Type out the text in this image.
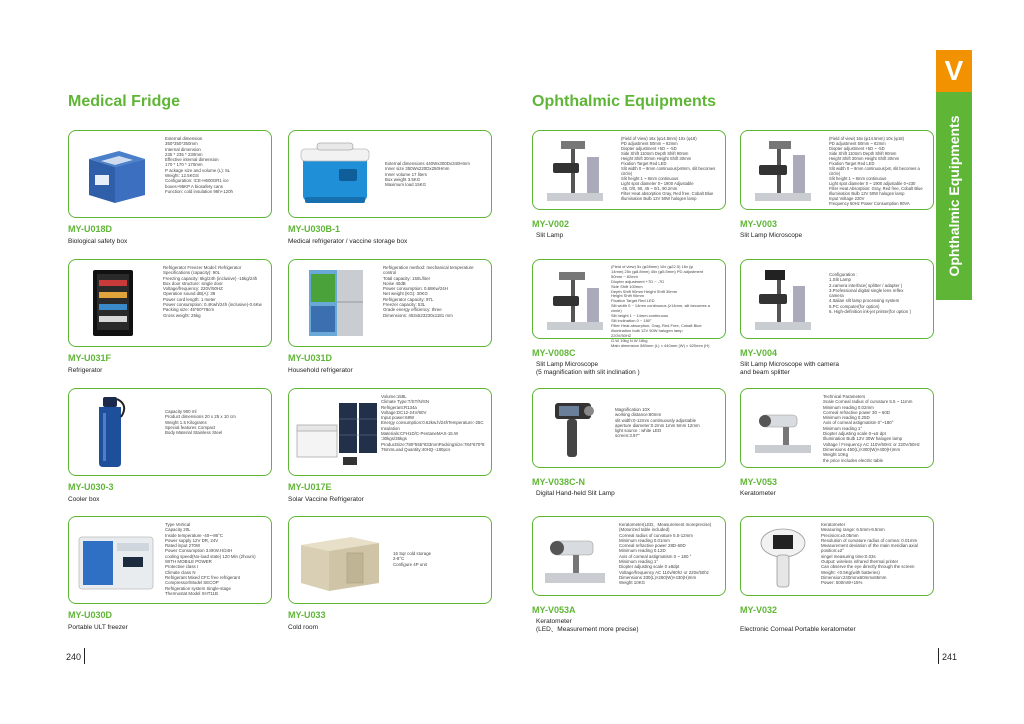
Medical Fridge	Ophthalmic Equipments
V
Ophthalmic Equipments
External dimension
350*350*350mm
Internal dimension
235 * 235 * 230mm
Effective internal dimension
170 * 170 * 170mm
P ackage size and volume (L): 5L
Weight: 12.5KGS
Configuration: ICE-H600GR1 ice
boxes+95KP A biosafety cans
Function: cold insulation 96h+120h
MY-U018D
Biological safety box
External dimensions 440Wx300Dx340Hmm
Inner size 350Wx220Dx250Hmm
Inner volume 17 liters
Box weight 3.5KG
Maximum load 15KG
MY-U030B-1
Medical refrigerator / vaccine storage box
Refrigerator Freezer Model: Refrigerator
Specifications (capacity): 90L
Freezing capacity: 6kg/24h (inclusive) -15kg/24h
Box door structure: single door
Voltage/frequency: 220V/50HZ
Operation sound dB(A): 39
Power cord length: 1 meter
Power consumption: 0.4Kwh/24h (inclusive)-0.6Kw
Packing size: 45*50*78cm
Gross weight: 25kg
MY-U031F
Refrigerator
Refrigeration method: mechanical temperature
control
Total capacity: 150L/liter
Noise 40dB
Power consumption: 0.68Kw/24H
Net weight (KG): 30KG
Refrigerator capacity: 97L
Freezer capacity: 53L
Grade energy efficiency: three
Dimensions: 453x523230x1181 mm
MY-U031D
Household refrigerator
Capacity 900 ml
Product dimensions 20 x 25 x 10 cm
Weight 1.5 Kilograms
Special features Compact
Body Material Stainless Steel
MY-U030-3
Cooler box
Volume:158L
Climate Type:T/ST/N/SN
Refrigerant:R134a
Voltage:DC12-24V/60V
Input power:68W
Energy consumption:0.62kw.h/24hTemperature:-25C
Insulation
Materials:CFH1D/C-PentaneMAX-15.W :30kgs/35kgs
ProductSize:780*555*833mmPackingSize:784*670*8
75mmLoad Quantity:40HQ--180pcs
MY-U017E
Solar Vaccine Refrigerator
Type Vertical
Capacity 20L
Inside temperature -40~-86°C
Power supply 12V DR, 24V
Rated input 270W
Power Consumption 3.8KW.H/24H
cooling speed(No-load state) 120 Min (2hours)
WITH MOBILE POWER
Protective class I
Climate class N
Refrigerant Mixed CFC free refrigerant
Compressor/Model SECOP
Refrigeration system Single-stage
Thermostat Model XHT11B
MY-U030D
Portable ULT freezer
16 Sqr cold storage
2-8°C
Configure 4P unit
MY-U033
Cold room
(Field of View) 16x (φ14.5mm) 10x (φ18)
PD adjustment 50mm ~ 82mm
Diopter adjustment +5D ~ -5D
Side Shift 110mm Depth Shift 90mm
Height Shift 30mm Height Shift 30mm
Fixation Target Red LED
Slit width 0 ~ 9mm continuous(≥8mm, slit becomes
circle)
Slit height 1 ~ 8mm continuous
Light spot diameter 0~ 1900 Adjustable
-45, 0/0, 90, 45 ~ 0/1, 90.2mm
Filter Heat absorption Gray, Red free, Cobalt Blue
Illumination Bulb 12V 50W halogen lamp
MY-V002
Slit Lamp
(Field of view) 16x (φ14.5mm) 10x (φ18)
PD adjustment 50mm ~ 82mm
Diopter adjustment +5D ~ -5D
Side Shift 110mm Depth Shift 90mm
Height Shift 30mm Height Shift 30mm
Fixation Target Red LED
Slit width 0 ~ 9mm continuous(≥8, slit becomes a
circle)
Slit height 1 ~ 8mm continuous
Light spot diameter 0 ~ 1900 adjustable 0~230
Filter Heat Absorption: Gray, Red free, Cobalt Blue
Illumination Bulb 12V 50W halogen lamp
Input Voltage 220V
Frequency 50Hz Power Consumption 90VA
MY-V003
Slit Lamp Microscope
(Field of view) 5x (φ28mm) 10x (φ22.5) 16x (φ
14mm) 25x (φ8.8mm) 40x (φ5.5mm) PD adjustment
50mm ~ 82mm
Diopter adjustment +7D ~ -7D
Side Shift 100mm
Depth Shift 90mm Height Shift 30mm
Height Shift 90mm
Fixation Target Red LED
Slit width 0 ~ 14mm continuous (≥14mm, slit becomes a circle)
Slit height 1 ~ 14mm continuous
Slit inclination 0 ~ 180°
Filter Heat absorption, Gray, Red Free, Cobalt Blue
Illumination bulb 12V 50W halogen lamp
220V/50HZ
G.W 19kg N.W 16kg
Main dimension 580mm (L) × 440mm (W) × 620mm (H)
MY-V008C
Slit Lamp Microscope
(5 magnification with slit inclination )
Configuration :
1.Slit Lamp
2.camera interface( splitter / adapter )
3.Professional digital single lens reflex
camera
4.Italian slit lamp processing system
5.PC computer(for option)
6. High-definition ink-jet printer(for option )
MY-V004
Slit Lamp Microscope with camera
and beam splitter
Magnification 10X
working distance:80mm
slit width:0-12mm continuously adjustable
aperture diameter:0.2mm 1mm 5mm 12mm
light source : white LED
screen:3.97"
MY-V038C-N
Digital Hand-held Slit Lamp
Technical Parameters
Scale Corneal radius of curvature 5.5 ~ 11mm
Minimum reading 0.02mm
Corneal refractive power 30 ~ 60D
Minimum reading 0.25D
Axis of corneal astigmatism 0°~180°
Minimum reading 1°
Diopter adjusting scale 0~±5 dpt
Illumination Bulb 12V 30W halogen lamp
Voltage / Frequency AC 110V/60Hz or 220V/50Hz
Dimensions 450(L)×300(W)×400(H)mm
Weight 10Kg
the price includes electric table
MY-V053
Keratometer
Keratometer(LED、Measurement moreprecise)
(Motorized table included)
Corneal radius of curvature 5.5-12mm
Minimum reading 0.01mm
Corneal refractive power 28D-60D
Minimum reading 0.12D
Axis of corneal astigmatism 0 ~ 180 °
Minimum reading 1°
Diopter adjusting scale 0 ±8dpt
Voltage/frequency AC 110v/60hz or 220v/50hz
Dimensions 330(L)×260(W)×430(H)mm
Weight 10KG
MY-V053A
Keratometer
(LED、Measurement more precise)
Keratometer
Measuring range: 6.5mm-9.5mm
Precision:±0.05mm
Resolution of curvature radius of cornea: 0.01mm
Measurement deviation of the main meridian axial
position:±2°
singel measuring time:0.03s
Output: wireless infrared thermal printer
Can observe the eye directly through the screen
Weight: <0.5Kg(with batteries)
Dimension:240mmx60mmx65mm
Power: 500mW+15%
MY-V032
Electronic Corneal Portable keratometer
240	241
